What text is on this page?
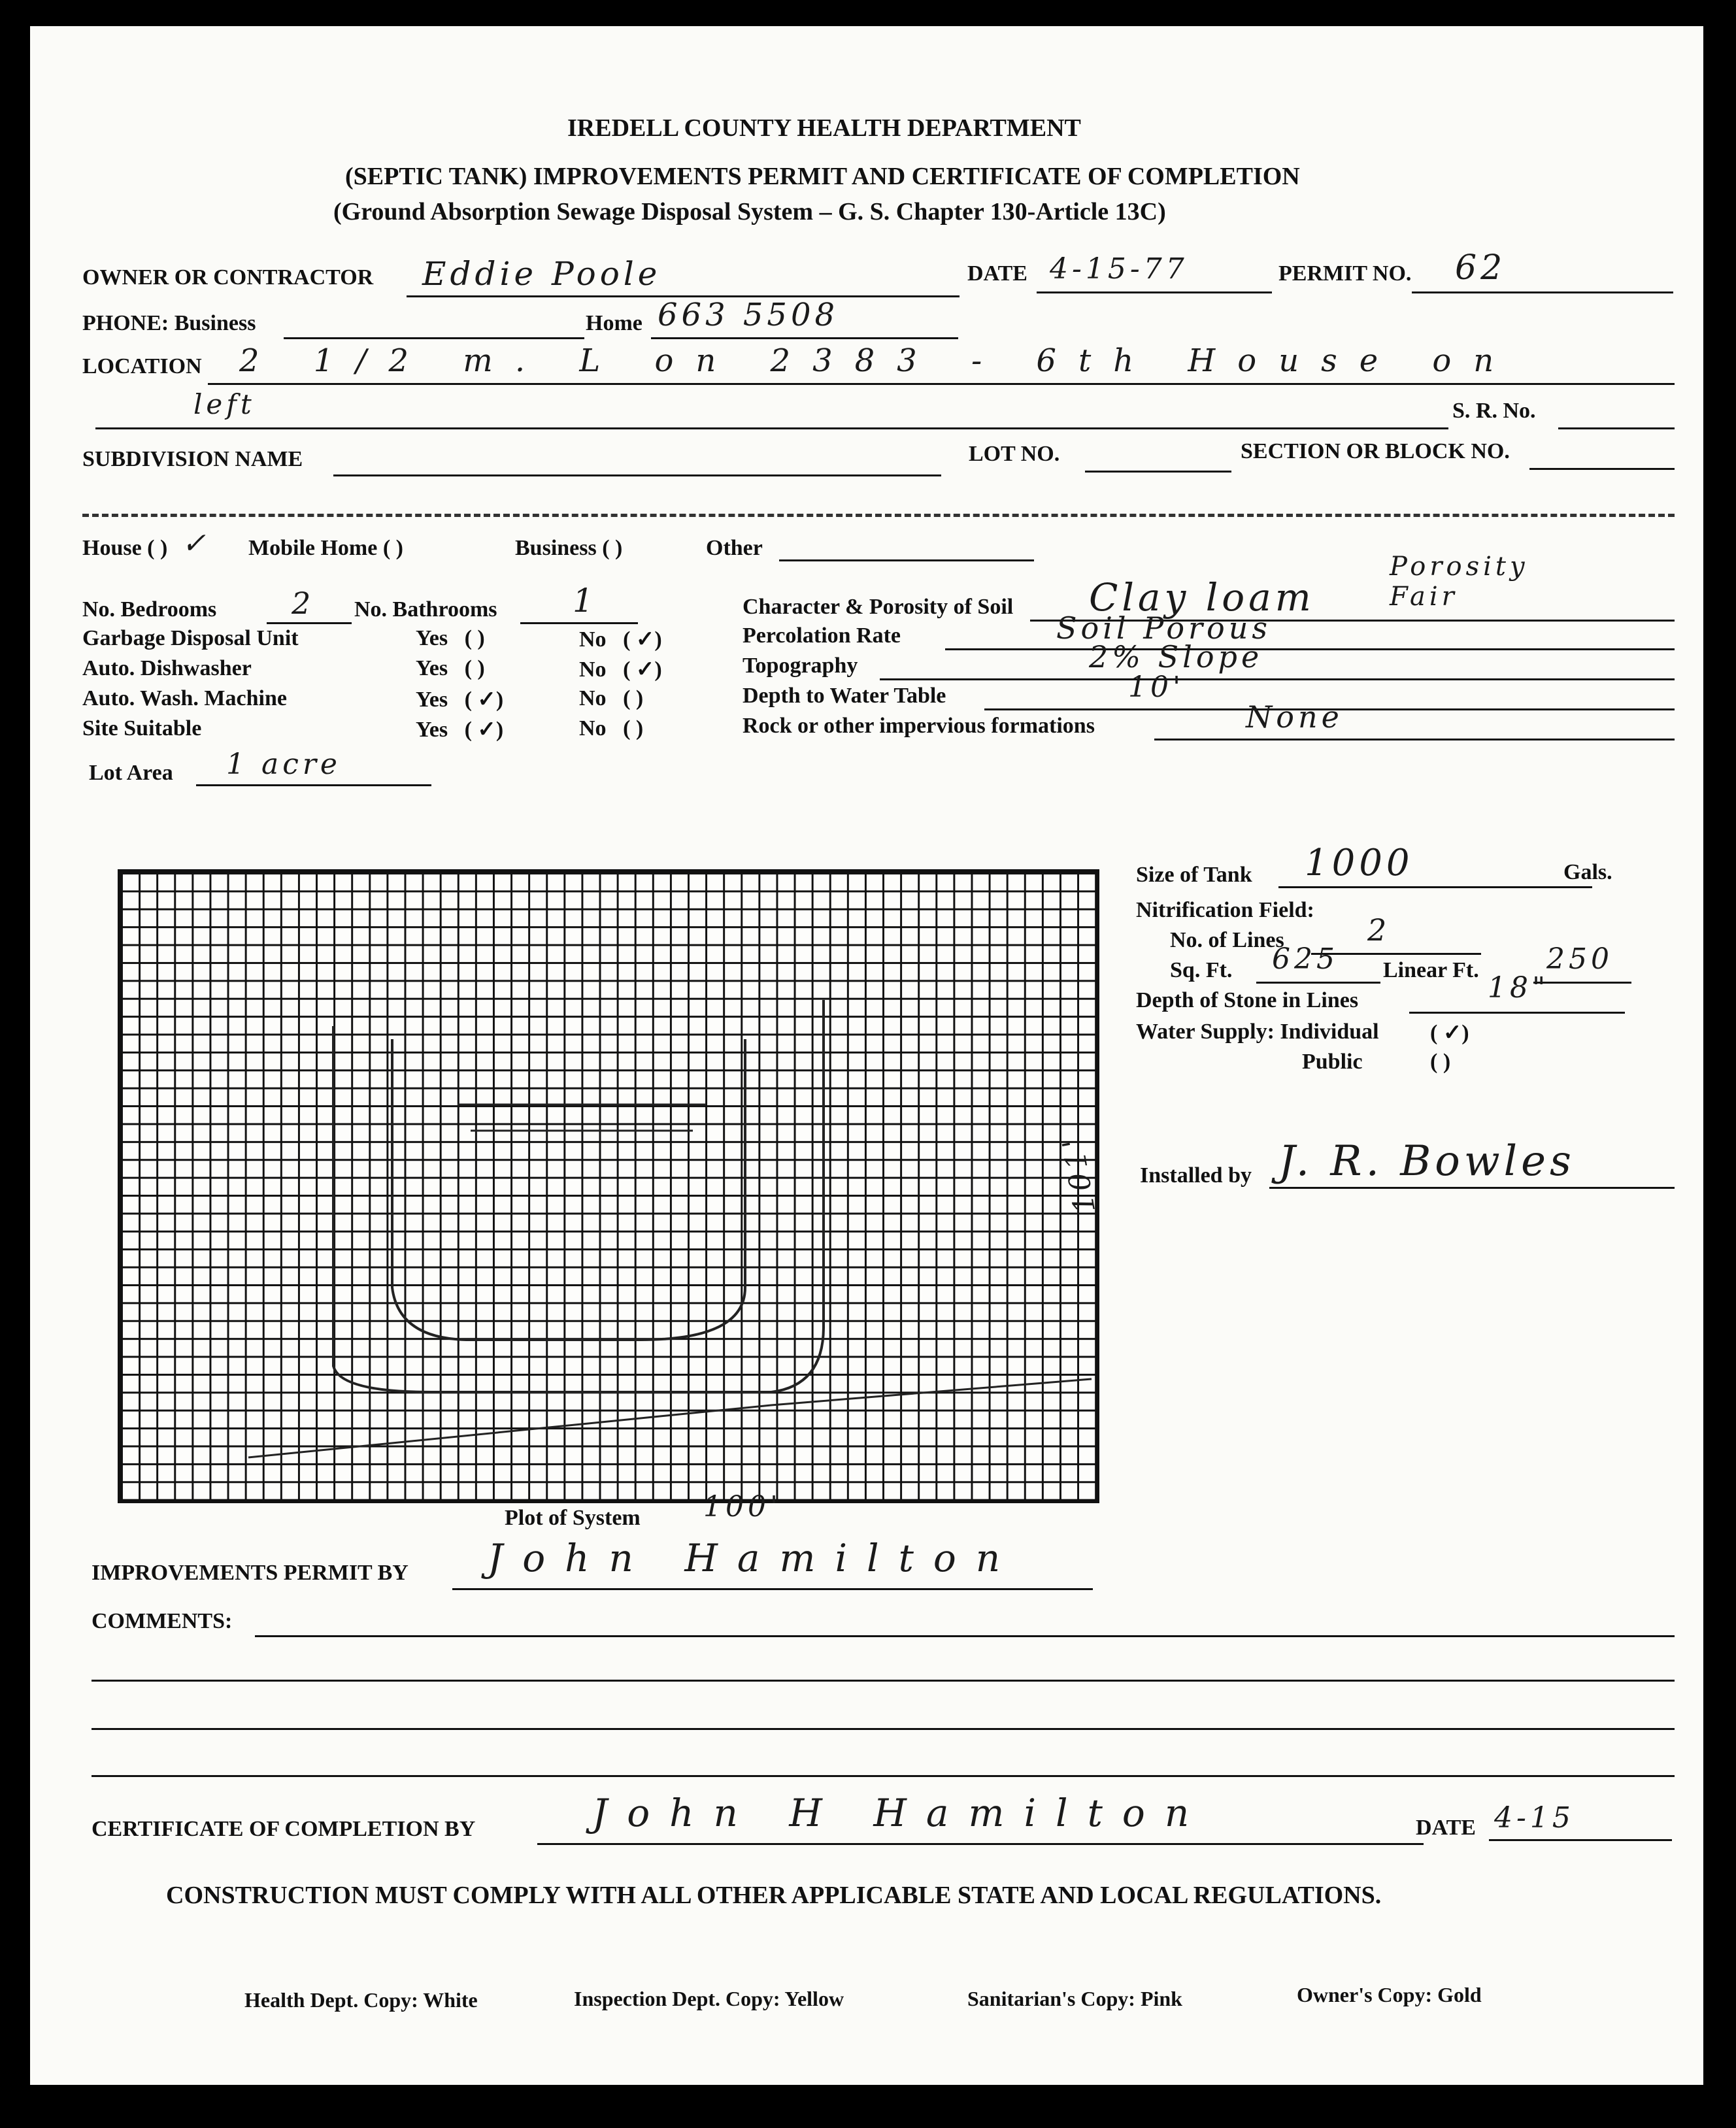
IREDELL COUNTY HEALTH DEPARTMENT
(SEPTIC TANK) IMPROVEMENTS PERMIT AND CERTIFICATE OF COMPLETION
(Ground Absorption Sewage Disposal System – G. S. Chapter 130-Article 13C)
OWNER OR CONTRACTOR Eddie Poole	DATE 4-15-77	PERMIT NO. 62
PHONE: Business	Home 663 5508
LOCATION 2 1/2 m. L on 2383 - 6th House on
left	S. R. No.
SUBDIVISION NAME	LOT NO.	SECTION OR BLOCK NO.
House ( ) ✓ Mobile Home ( )	Business ( )	Other
No. Bedrooms 2 No. Bathrooms 1
Garbage Disposal Unit	Yes ( )	No   ( ✓)
Auto. Dishwasher	Yes ( )	No   ( ✓)
Auto. Wash. Machine	Yes   ( ✓)	No ( )
Site Suitable	Yes   ( ✓)	No ( )
Lot Area 1 acre
Character & Porosity of Soil Clay loam
Porosity Fair
Percolation Rate	Soil Porous
Topography	2% Slope
Depth to Water Table	10'
Rock or other impervious formations	None
101'
Plot of System 100'
Size of Tank 1000	Gals.
Nitrification Field:
No. of Lines	2
Sq. Ft. 625 Linear Ft. 250
Depth of Stone in Lines	18"
Water Supply: Individual ( ✓)
Public	( )
Installed by J. R. Bowles
IMPROVEMENTS PERMIT BY John Hamilton
COMMENTS:
CERTIFICATE OF COMPLETION BY	John H Hamilton	DATE 4-15
CONSTRUCTION MUST COMPLY WITH ALL OTHER APPLICABLE STATE AND LOCAL REGULATIONS.
Health Dept. Copy: White	Inspection Dept. Copy: Yellow	Sanitarian's Copy: Pink	Owner's Copy: Gold
